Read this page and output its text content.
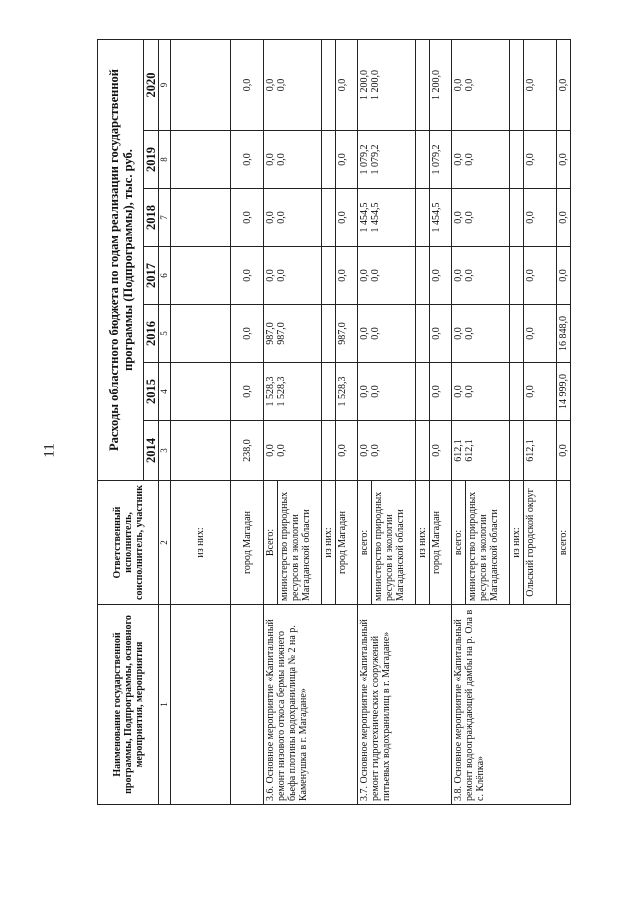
11
Наименование государственной программы, Подпрограммы, основного мероприятия, мероприятия	Ответственный исполнитель, соисполнитель, участник	Расходы областного бюджета по годам реализации государственной программы (Подпрограммы), тыс. руб.						
		2014	2015	2016	2017	2018	2019	2020
1	2	3	4	5	6	7	8	9
	из них:							
	город Магадан	238,0	0,0	0,0	0,0	0,0	0,0	0,0
3.6. Основное мероприятие «Капитальный ремонт низового откоса бермы нижнего бьефа плотины водохранилища № 2 на р. Каменушка в г. Магадане»	Всего:	0,0 0,0	1 528,3 1 528,3	987,0 987,0	0,0 0,0	0,0 0,0	0,0 0,0	0,0 0,0

	министерство природных ресурсов и экологии Магаданской области							
	из них:							
	город Магадан	0,0	1 528,3	987,0	0,0	0,0	0,0	0,0
3.7. Основное мероприятие «Капитальный ремонт гидротехнических сооружений питьевых водохранилищ в г. Магадане»	всего:	0,0 0,0	0,0 0,0	0,0 0,0	0,0 0,0	1 454,5 1 454,5	1 079,2 1 079,2	1 200,0 1 200,0

	министерство природных ресурсов и экологии Магаданской области							
	из них:							
	город Магадан	0,0	0,0	0,0	0,0	1 454,5	1 079,2	1 200,0
3.8. Основное мероприятие «Капитальный ремонт водоограждающей дамбы на р. Ола в с. Клёпка»	всего:	612,1 612,1	0,0 0,0	0,0 0,0	0,0 0,0	0,0 0,0	0,0 0,0	0,0 0,0

	министерство природных ресурсов и экологии Магаданской области							
	из них:							
	Ольский городской округ	612,1	0,0	0,0	0,0	0,0	0,0	0,0
	всего:	0,0	14 999,0	16 848,0	0,0	0,0	0,0	0,0
